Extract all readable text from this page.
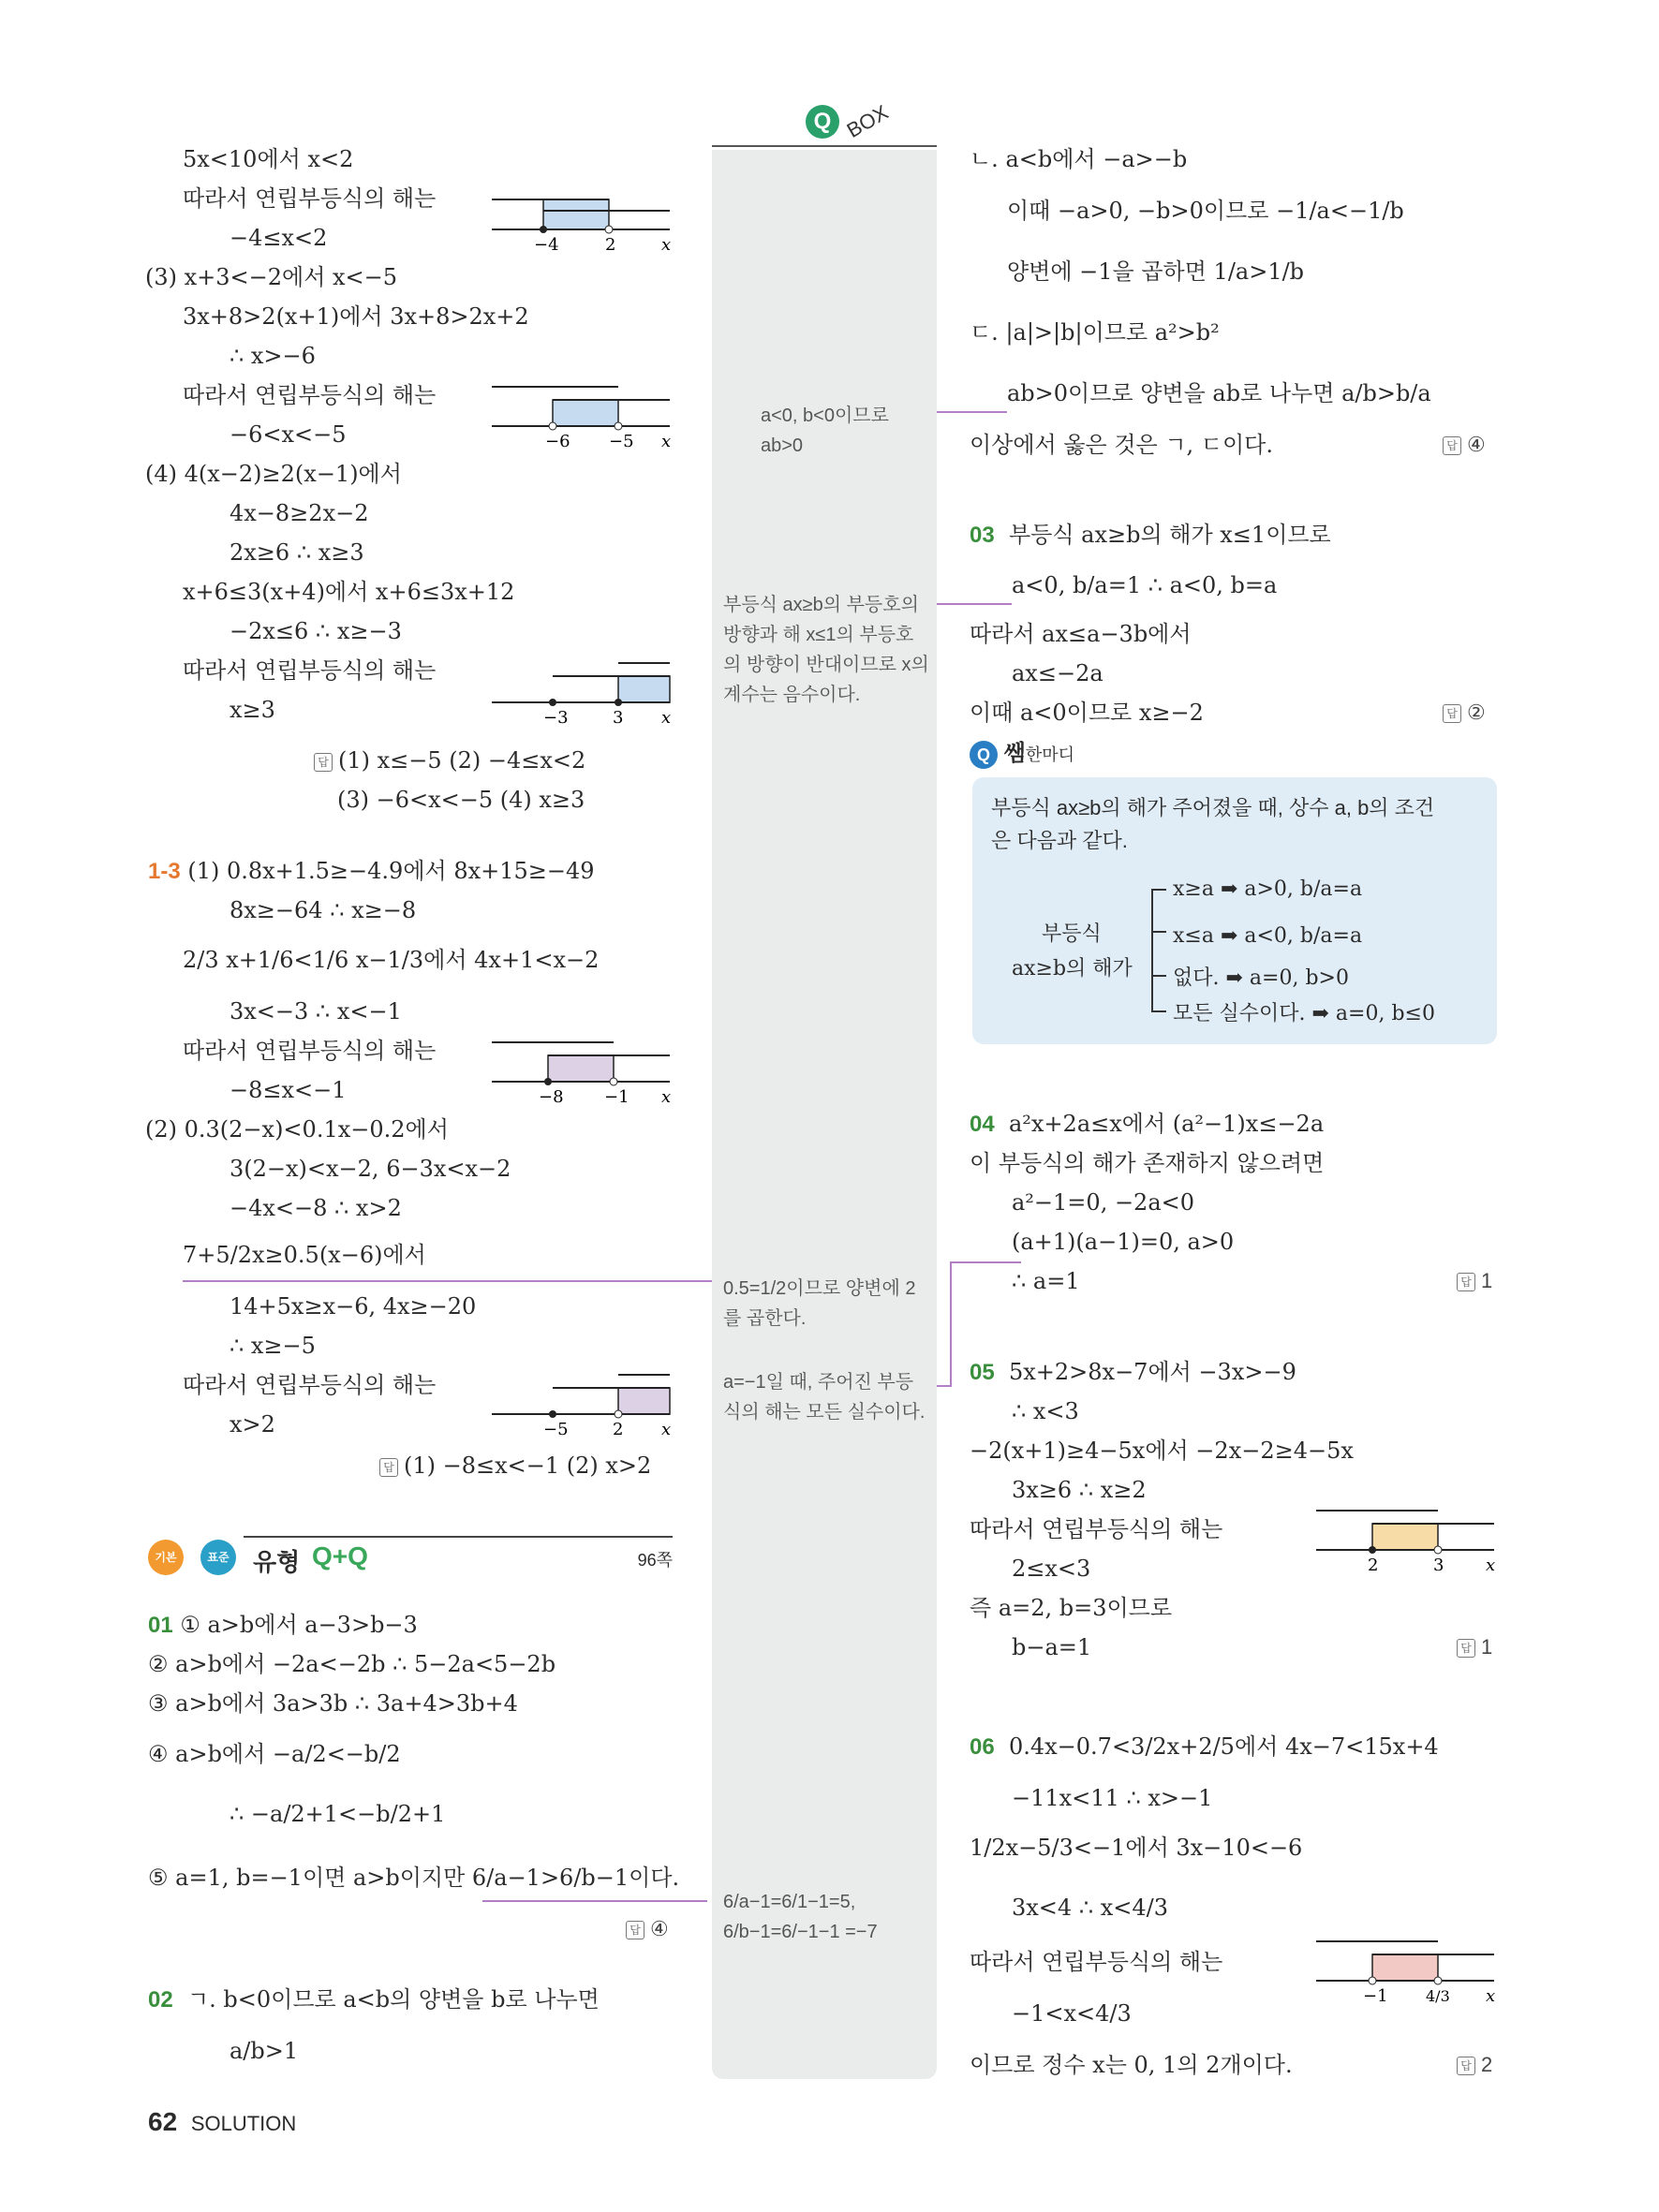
Q BOX
5x<10에서 x<2
따라서 연립부등식의 해는
−4≤x<2
(3) x+3<−2에서 x<−5
3x+8>2(x+1)에서 3x+8>2x+2
∴ x>−6
따라서 연립부등식의 해는
−6<x<−5
(4) 4(x−2)≥2(x−1)에서
4x−8≥2x−2
2x≥6 ∴ x≥3
x+6≤3(x+4)에서 x+6≤3x+12
−2x≤6 ∴ x≥−3
따라서 연립부등식의 해는
x≥3
답 (1) x≤−5 (2) −4≤x<2
(3) −6<x<−5 (4) x≥3
1-3 (1) 0.8x+1.5≥−4.9에서 8x+15≥−49
8x≥−64 ∴ x≥−8
2/3 x+1/6<1/6 x−1/3에서 4x+1<x−2
3x<−3 ∴ x<−1
따라서 연립부등식의 해는
−8≤x<−1
(2) 0.3(2−x)<0.1x−0.2에서
3(2−x)<x−2, 6−3x<x−2
−4x<−8 ∴ x>2
7+5/2x≥0.5(x−6)에서
14+5x≥x−6, 4x≥−20
∴ x≥−5
따라서 연립부등식의 해는
x>2
답 (1) −8≤x<−1 (2) x>2
기본	표준 유형 Q+Q	96쪽
01 ① a>b에서 a−3>b−3
② a>b에서 −2a<−2b ∴ 5−2a<5−2b
③ a>b에서 3a>3b ∴ 3a+4>3b+4
④ a>b에서 −a/2<−b/2
∴ −a/2+1<−b/2+1
⑤ a=1, b=−1이면 a>b이지만 6/a−1>6/b−1이다.
답 ④
02 ㄱ. b<0이므로 a<b의 양변을 b로 나누면
a/b>1
−4	2	x
−6 −5 x
−3	3 x
−8 −1 x
−5	2 x
a<0, b<0이므로 ab>0
부등식 ax≥b의 부등호의 방향과 해 x≤1의 부등호의 방향이 반대이므로 x의 계수는 음수이다.
0.5=1/2이므로 양변에 2를 곱한다.
a=−1일 때, 주어진 부등식의 해는 모든 실수이다.
6/a−1=6/1−1=5, 6/b−1=6/−1−1 =−7
ㄴ. a<b에서 −a>−b
이때 −a>0, −b>0이므로 −1/a<−1/b
양변에 −1을 곱하면 1/a>1/b
ㄷ. |a|>|b|이므로 a²>b²
ab>0이므로 양변을 ab로 나누면 a/b>b/a
이상에서 옳은 것은 ㄱ, ㄷ이다.	답 ④
03 부등식 ax≥b의 해가 x≤1이므로
a<0, b/a=1 ∴ a<0, b=a
따라서 ax≤a−3b에서
ax≤−2a
이때 a<0이므로 x≥−2	답 ②
Q 쌤한마디
부등식 ax≥b의 해가 주어졌을 때, 상수 a, b의 조건
은 다음과 같다.
부등식
ax≥b의 해가
x≥a ➡ a>0, b/a=a
x≤a ➡ a<0, b/a=a
없다. ➡ a=0, b>0
모든 실수이다. ➡ a=0, b≤0
04 a²x+2a≤x에서 (a²−1)x≤−2a
이 부등식의 해가 존재하지 않으려면
a²−1=0, −2a<0
(a+1)(a−1)=0, a>0
∴ a=1	답 1
05 5x+2>8x−7에서 −3x>−9
∴ x<3
−2(x+1)≥4−5x에서 −2x−2≥4−5x
3x≥6 ∴ x≥2
따라서 연립부등식의 해는
2≤x<3
즉 a=2, b=3이므로
b−a=1	답 1
06 0.4x−0.7<3/2x+2/5에서 4x−7<15x+4
−11x<11 ∴ x>−1
1/2x−5/3<−1에서 3x−10<−6
3x<4 ∴ x<4/3
따라서 연립부등식의 해는
−1<x<4/3
이므로 정수 x는 0, 1의 2개이다.	답 2
2	3 x
−1	4/3 x
62 SOLUTION
